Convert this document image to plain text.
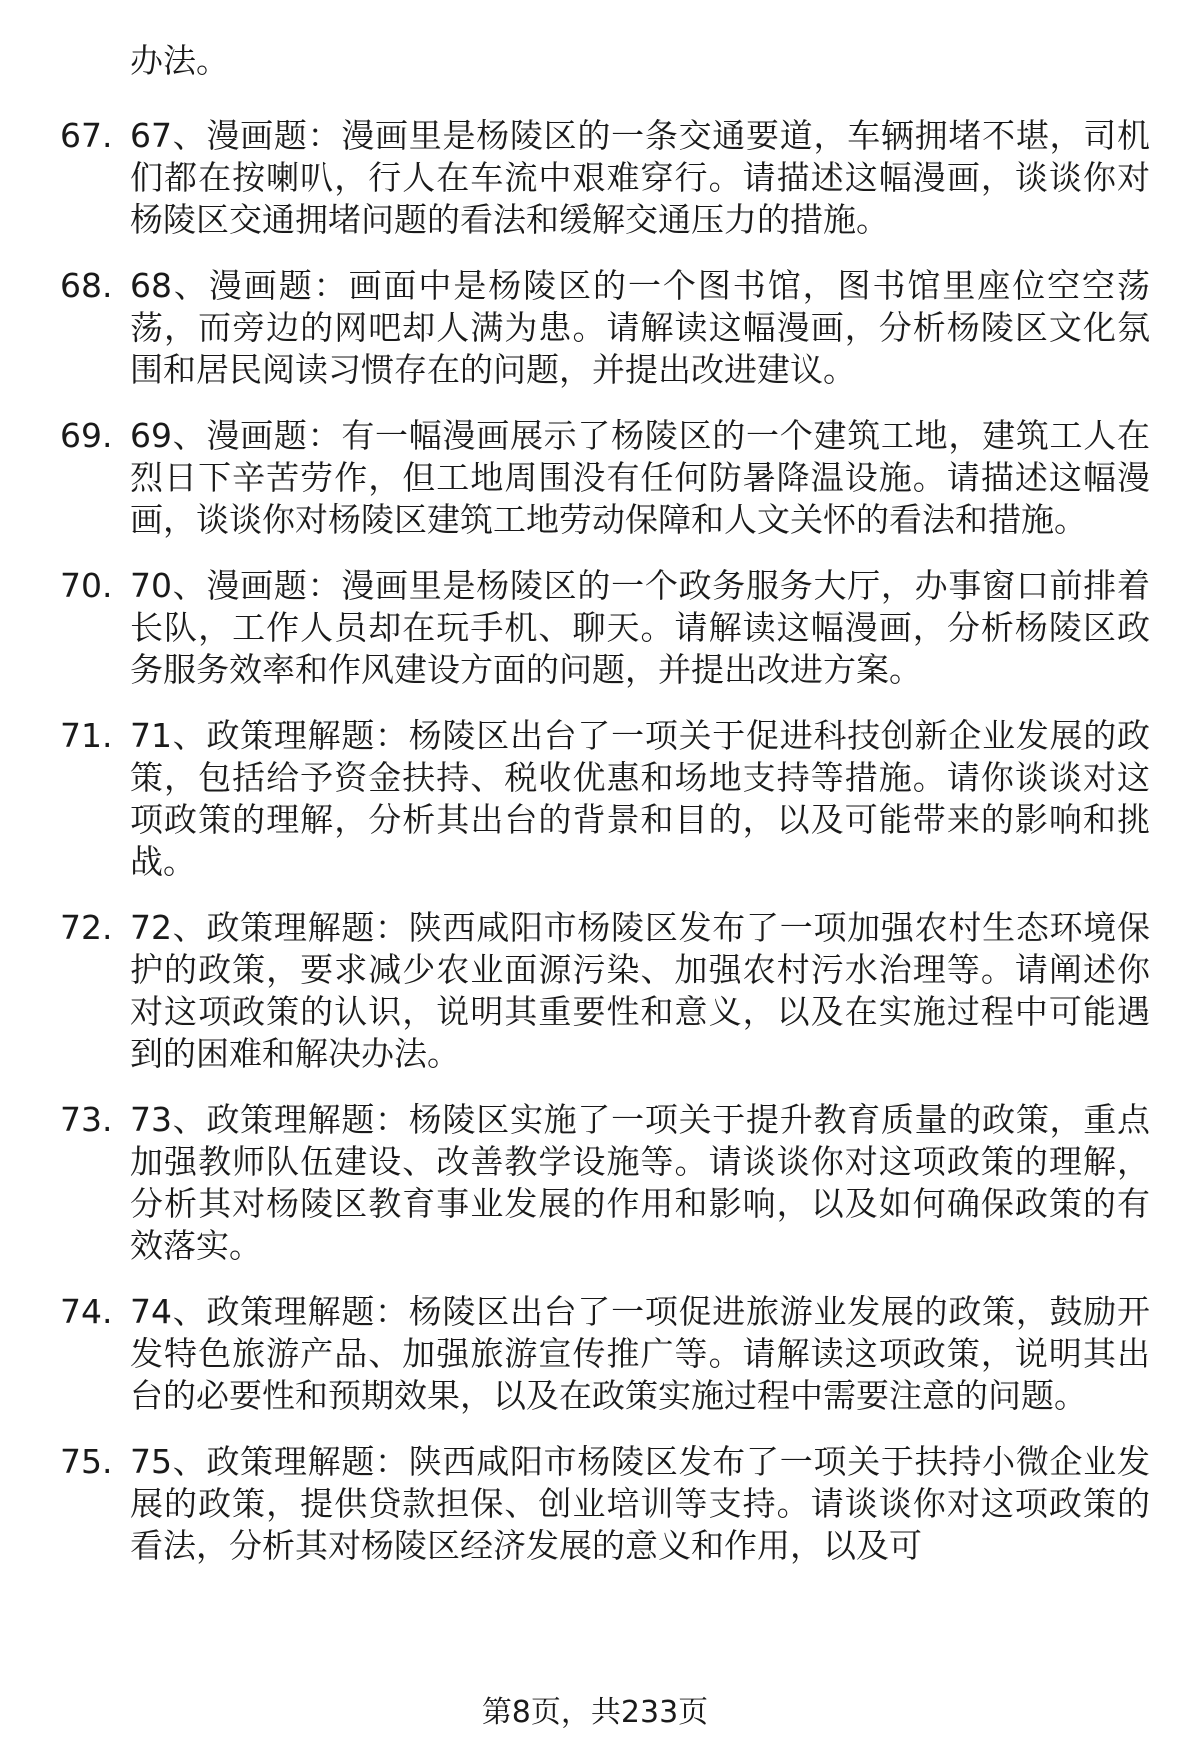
办法。
67. 67、漫画题：漫画里是杨陵区的一条交通要道，车辆拥堵不堪，司机们都在按喇叭，行人在车流中艰难穿行。请描述这幅漫画，谈谈你对杨陵区交通拥堵问题的看法和缓解交通压力的措施。
68. 68、漫画题：画面中是杨陵区的一个图书馆，图书馆里座位空空荡荡，而旁边的网吧却人满为患。请解读这幅漫画，分析杨陵区文化氛围和居民阅读习惯存在的问题，并提出改进建议。
69. 69、漫画题：有一幅漫画展示了杨陵区的一个建筑工地，建筑工人在烈日下辛苦劳作，但工地周围没有任何防暑降温设施。请描述这幅漫画，谈谈你对杨陵区建筑工地劳动保障和人文关怀的看法和措施。
70. 70、漫画题：漫画里是杨陵区的一个政务服务大厅，办事窗口前排着长队，工作人员却在玩手机、聊天。请解读这幅漫画，分析杨陵区政务服务效率和作风建设方面的问题，并提出改进方案。
71. 71、政策理解题：杨陵区出台了一项关于促进科技创新企业发展的政策，包括给予资金扶持、税收优惠和场地支持等措施。请你谈谈对这项政策的理解，分析其出台的背景和目的，以及可能带来的影响和挑战。
72. 72、政策理解题：陕西咸阳市杨陵区发布了一项加强农村生态环境保护的政策，要求减少农业面源污染、加强农村污水治理等。请阐述你对这项政策的认识，说明其重要性和意义，以及在实施过程中可能遇到的困难和解决办法。
73. 73、政策理解题：杨陵区实施了一项关于提升教育质量的政策，重点加强教师队伍建设、改善教学设施等。请谈谈你对这项政策的理解，分析其对杨陵区教育事业发展的作用和影响，以及如何确保政策的有效落实。
74. 74、政策理解题：杨陵区出台了一项促进旅游业发展的政策，鼓励开发特色旅游产品、加强旅游宣传推广等。请解读这项政策，说明其出台的必要性和预期效果，以及在政策实施过程中需要注意的问题。
75. 75、政策理解题：陕西咸阳市杨陵区发布了一项关于扶持小微企业发展的政策，提供贷款担保、创业培训等支持。请谈谈你对这项政策的看法，分析其对杨陵区经济发展的意义和作用，以及可
第8页，共233页
